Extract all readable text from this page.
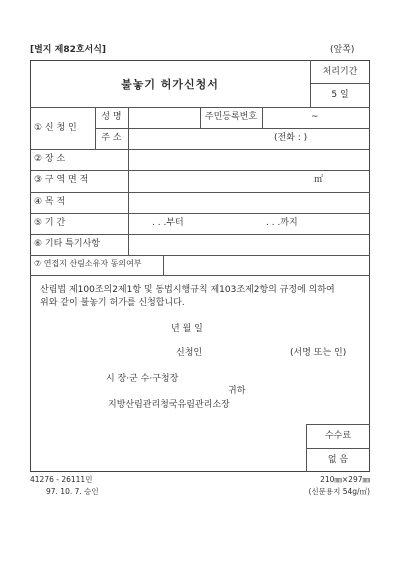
[별지 제82호서식]	(앞쪽)
불놓기 허가신청서
처리기간
5 일
① 신 청 인
성 명	주민등록번호	~
주 소	(전화 : )
② 장 소
③ 구 역 면 적	㎡
④ 목 적
⑤ 기 간	. . .부터	. . .까지
⑥ 기타 특기사항
⑦ 연접지 산림소유자 동의여부
산림법 제100조의2제1항 및 동법시행규칙 제103조제2항의 규정에 의하여
위와 같이 불놓기 허가를 신청합니다.
년 월 일
신청인	(서명 또는 인)
시 장·군 수·구청장
귀하
지방산림관리청국유림관리소장
수수료
없 음
41276 - 26111민
97. 10. 7. 승인
210㎜×297㎜
(신문용지 54g/㎡)
